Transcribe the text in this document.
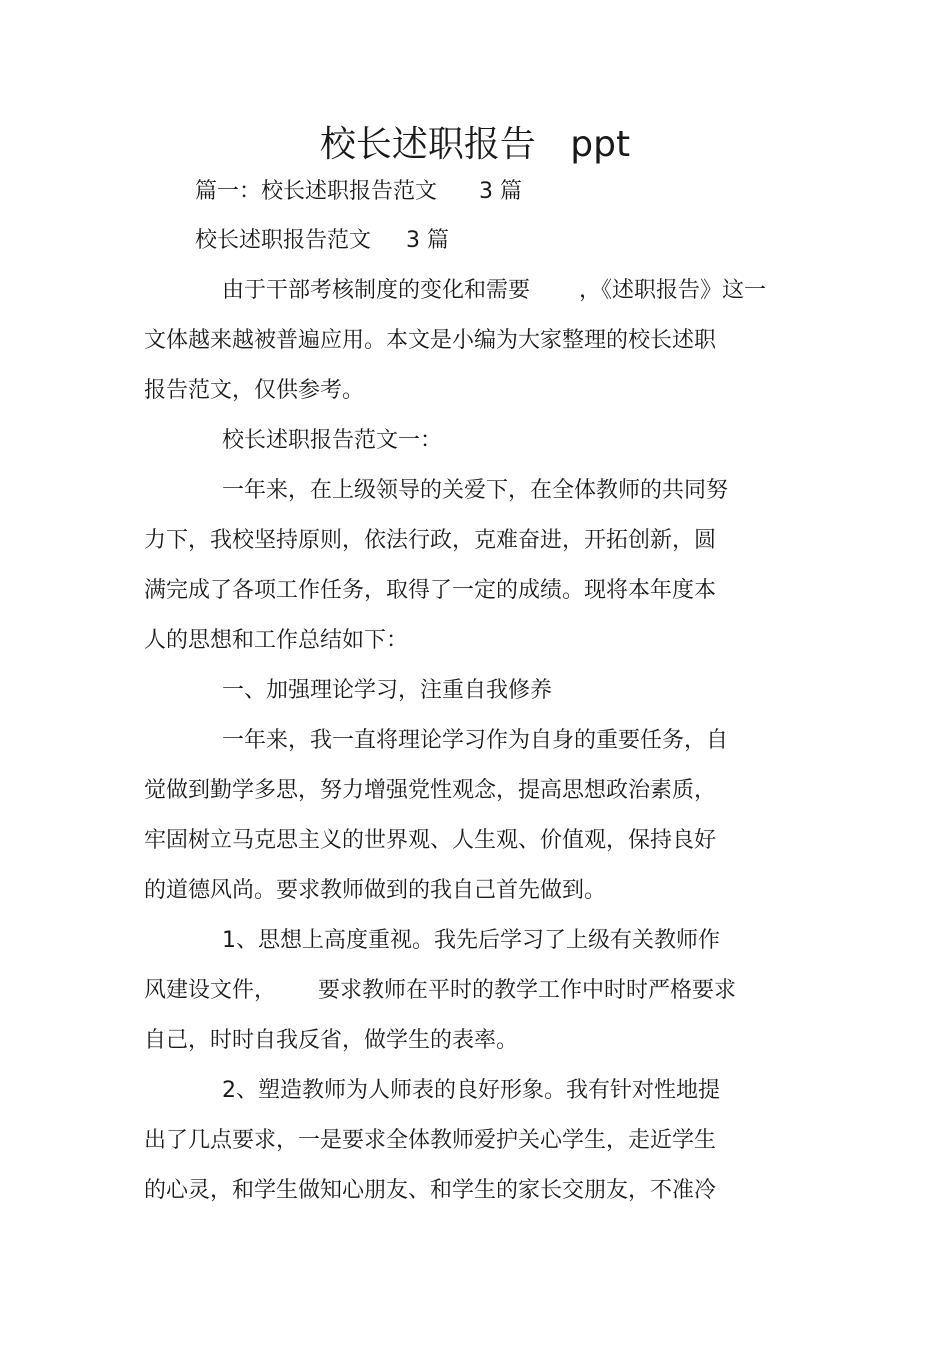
校长述职报告   ppt
篇一：校长述职报告范文      3 篇
校长述职报告范文     3 篇
由于干部考核制度的变化和需要       ，《述职报告》这一
文体越来越被普遍应用。本文是小编为大家整理的校长述职
报告范文，仅供参考。
校长述职报告范文一：
一年来，在上级领导的关爱下，在全体教师的共同努
力下，我校坚持原则，依法行政，克难奋进，开拓创新，圆
满完成了各项工作任务，取得了一定的成绩。现将本年度本
人的思想和工作总结如下：
一、加强理论学习，注重自我修养
一年来，我一直将理论学习作为自身的重要任务，自
觉做到勤学多思，努力增强党性观念，提高思想政治素质，
牢固树立马克思主义的世界观、人生观、价值观，保持良好
的道德风尚。要求教师做到的我自己首先做到。
1、思想上高度重视。我先后学习了上级有关教师作
风建设文件，      要求教师在平时的教学工作中时时严格要求
自己，时时自我反省，做学生的表率。
2、塑造教师为人师表的良好形象。我有针对性地提
出了几点要求，一是要求全体教师爱护关心学生，走近学生
的心灵，和学生做知心朋友、和学生的家长交朋友，不准冷
